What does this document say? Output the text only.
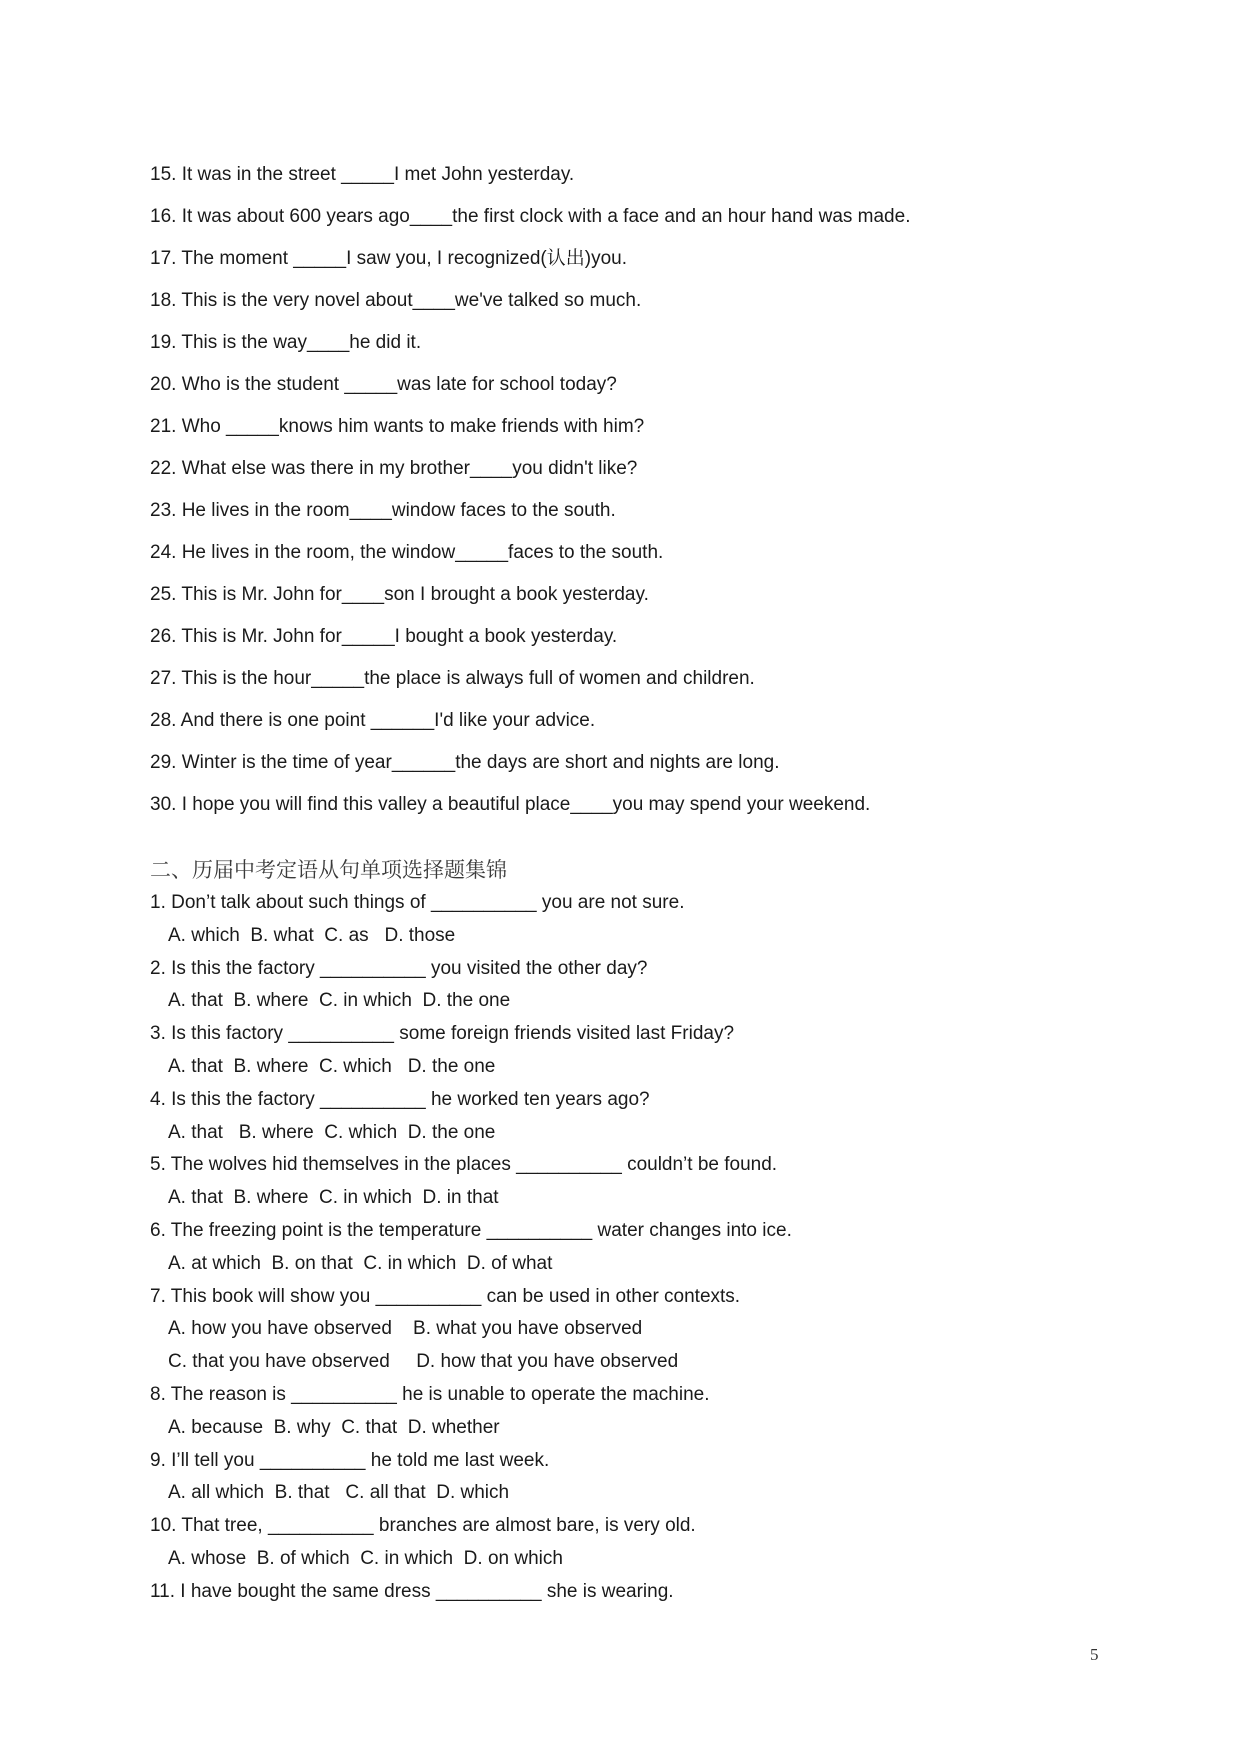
15. It was in the street _____I met John yesterday.
16. It was about 600 years ago____the first clock with a face and an hour hand was made.
17. The moment _____I saw you, I recognized(认出)you.
18. This is the very novel about____we've talked so much.
19. This is the way____he did it.
20. Who is the student _____was late for school today?
21. Who _____knows him wants to make friends with him?
22. What else was there in my brother____you didn't like?
23. He lives in the room____window faces to the south.
24. He lives in the room, the window_____faces to the south.
25. This is Mr. John for____son I brought a book yesterday.
26. This is Mr. John for_____I bought a book yesterday.
27. This is the hour_____the place is always full of women and children.
28. And there is one point ______I'd like your advice.
29. Winter is the time of year______the days are short and nights are long.
30. I hope you will find this valley a beautiful place____you may spend your weekend.
二、历届中考定语从句单项选择题集锦
1. Don’t talk about such things of __________ you are not sure.
A. which  B. what  C. as   D. those
2. Is this the factory __________ you visited the other day?
A. that  B. where  C. in which  D. the one
3. Is this factory __________ some foreign friends visited last Friday?
A. that  B. where  C. which   D. the one
4. Is this the factory __________ he worked ten years ago?
A. that   B. where  C. which  D. the one
5. The wolves hid themselves in the places __________ couldn’t be found.
A. that  B. where  C. in which  D. in that
6. The freezing point is the temperature __________ water changes into ice.
A. at which  B. on that  C. in which  D. of what
7. This book will show you __________ can be used in other contexts.
A. how you have observed    B. what you have observed
C. that you have observed     D. how that you have observed
8. The reason is __________ he is unable to operate the machine.
A. because  B. why  C. that  D. whether
9. I’ll tell you __________ he told me last week.
A. all which  B. that   C. all that  D. which
10. That tree, __________ branches are almost bare, is very old.
A. whose  B. of which  C. in which  D. on which
11. I have bought the same dress __________ she is wearing.
5
